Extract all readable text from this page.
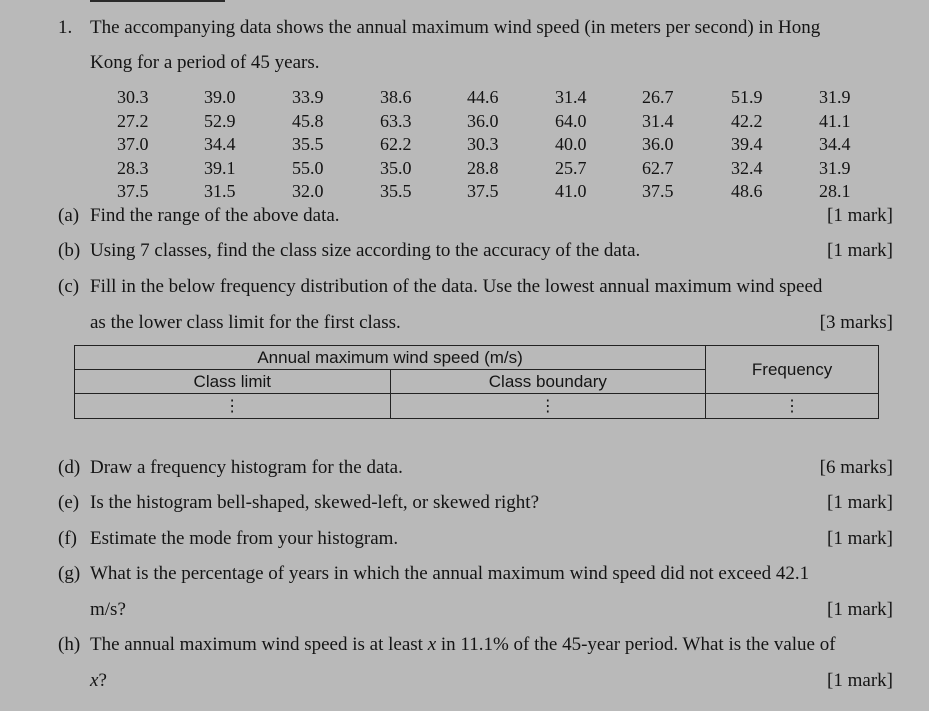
1. The accompanying data shows the annual maximum wind speed (in meters per second) in Hong
Kong for a period of 45 years.
30.3	39.0	33.9	38.6	44.6	31.4	26.7	51.9	31.9
27.2	52.9	45.8	63.3	36.0	64.0	31.4	42.2	41.1
37.0	34.4	35.5	62.2	30.3	40.0	36.0	39.4	34.4
28.3	39.1	55.0	35.0	28.8	25.7	62.7	32.4	31.9
37.5	31.5	32.0	35.5	37.5	41.0	37.5	48.6	28.1
(a) Find the range of the above data.	[1 mark]
(b) Using 7 classes, find the class size according to the accuracy of the data.	[1 mark]
(c) Fill in the below frequency distribution of the data. Use the lowest annual maximum wind speed
as the lower class limit for the first class.	[3 marks]
Annual maximum wind speed (m/s)		Frequency
Class limit	Class boundary	
⋮	⋮	⋮
(d) Draw a frequency histogram for the data.	[6 marks]
(e) Is the histogram bell-shaped, skewed-left, or skewed right?	[1 mark]
(f) Estimate the mode from your histogram.	[1 mark]
(g) What is the percentage of years in which the annual maximum wind speed did not exceed 42.1
m/s?	[1 mark]
(h) The annual maximum wind speed is at least x in 11.1% of the 45-year period. What is the value of
x?	[1 mark]
